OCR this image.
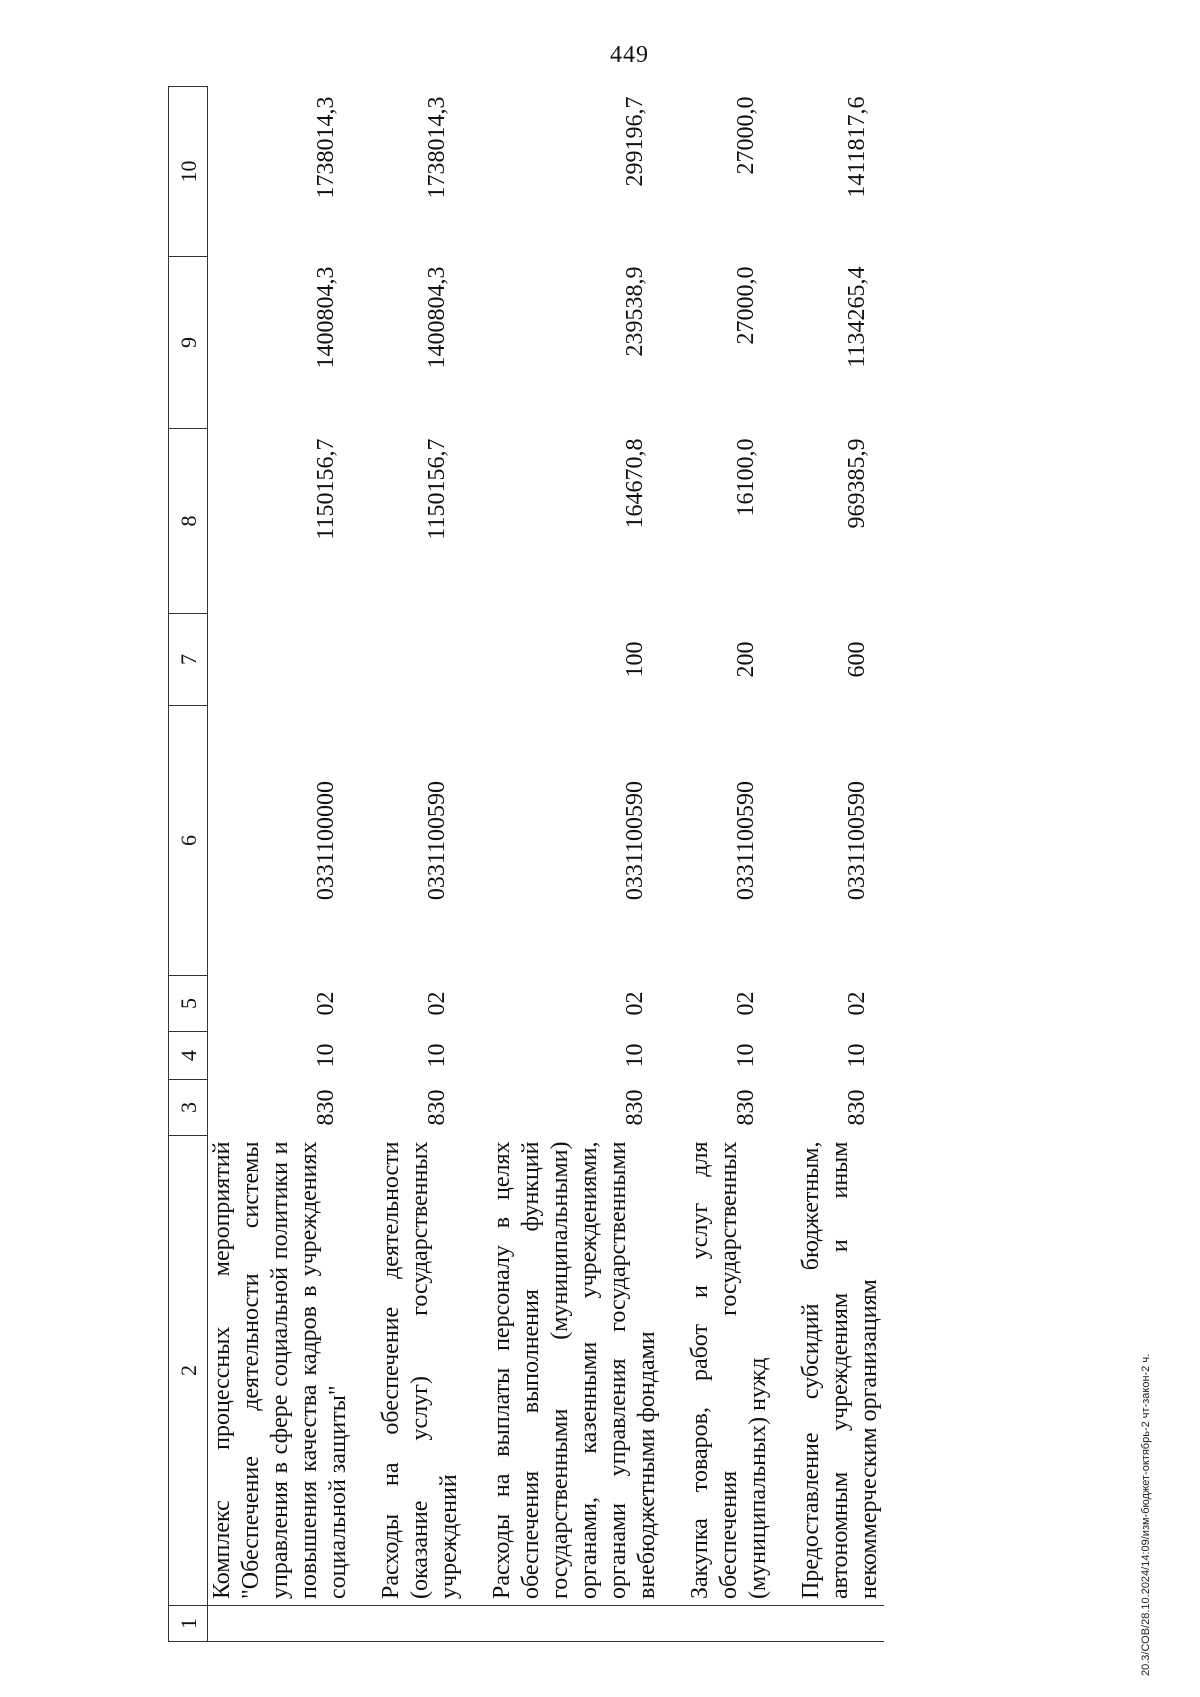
449
1	2	3	4	5	6	7	8	9	10
	Комплекс процессных мероприятий "Обеспечение деятельности системы управления в сфере социальной политики и повышения качества кадров в учреждениях социальной защиты"	830	10	02	0331100000		1150156,7	1400804,3	1738014,3

	Расходы на обеспечение деятельности (оказание услуг) государственных учреждений	830	10	02	0331100590		1150156,7	1400804,3	1738014,3

	Расходы на выплаты персоналу в целях обеспечения выполнения функций государственными (муниципальными) органами, казенными учреждениями, органами управления государственными внебюджетными фондами	830	10	02	0331100590	100	164670,8	239538,9	299196,7

	Закупка товаров, работ и услуг для обеспечения государственных (муниципальных) нужд	830	10	02	0331100590	200	16100,0	27000,0	27000,0

	Предоставление субсидий бюджетным, автономным учреждениям и иным некоммерческим организациям	830	10	02	0331100590	600	969385,9	1134265,4	1411817,6
20.3/СОВ/28.10.2024/14:09/изм-бюджет-октябрь-2 чт-закон-2 ч.
